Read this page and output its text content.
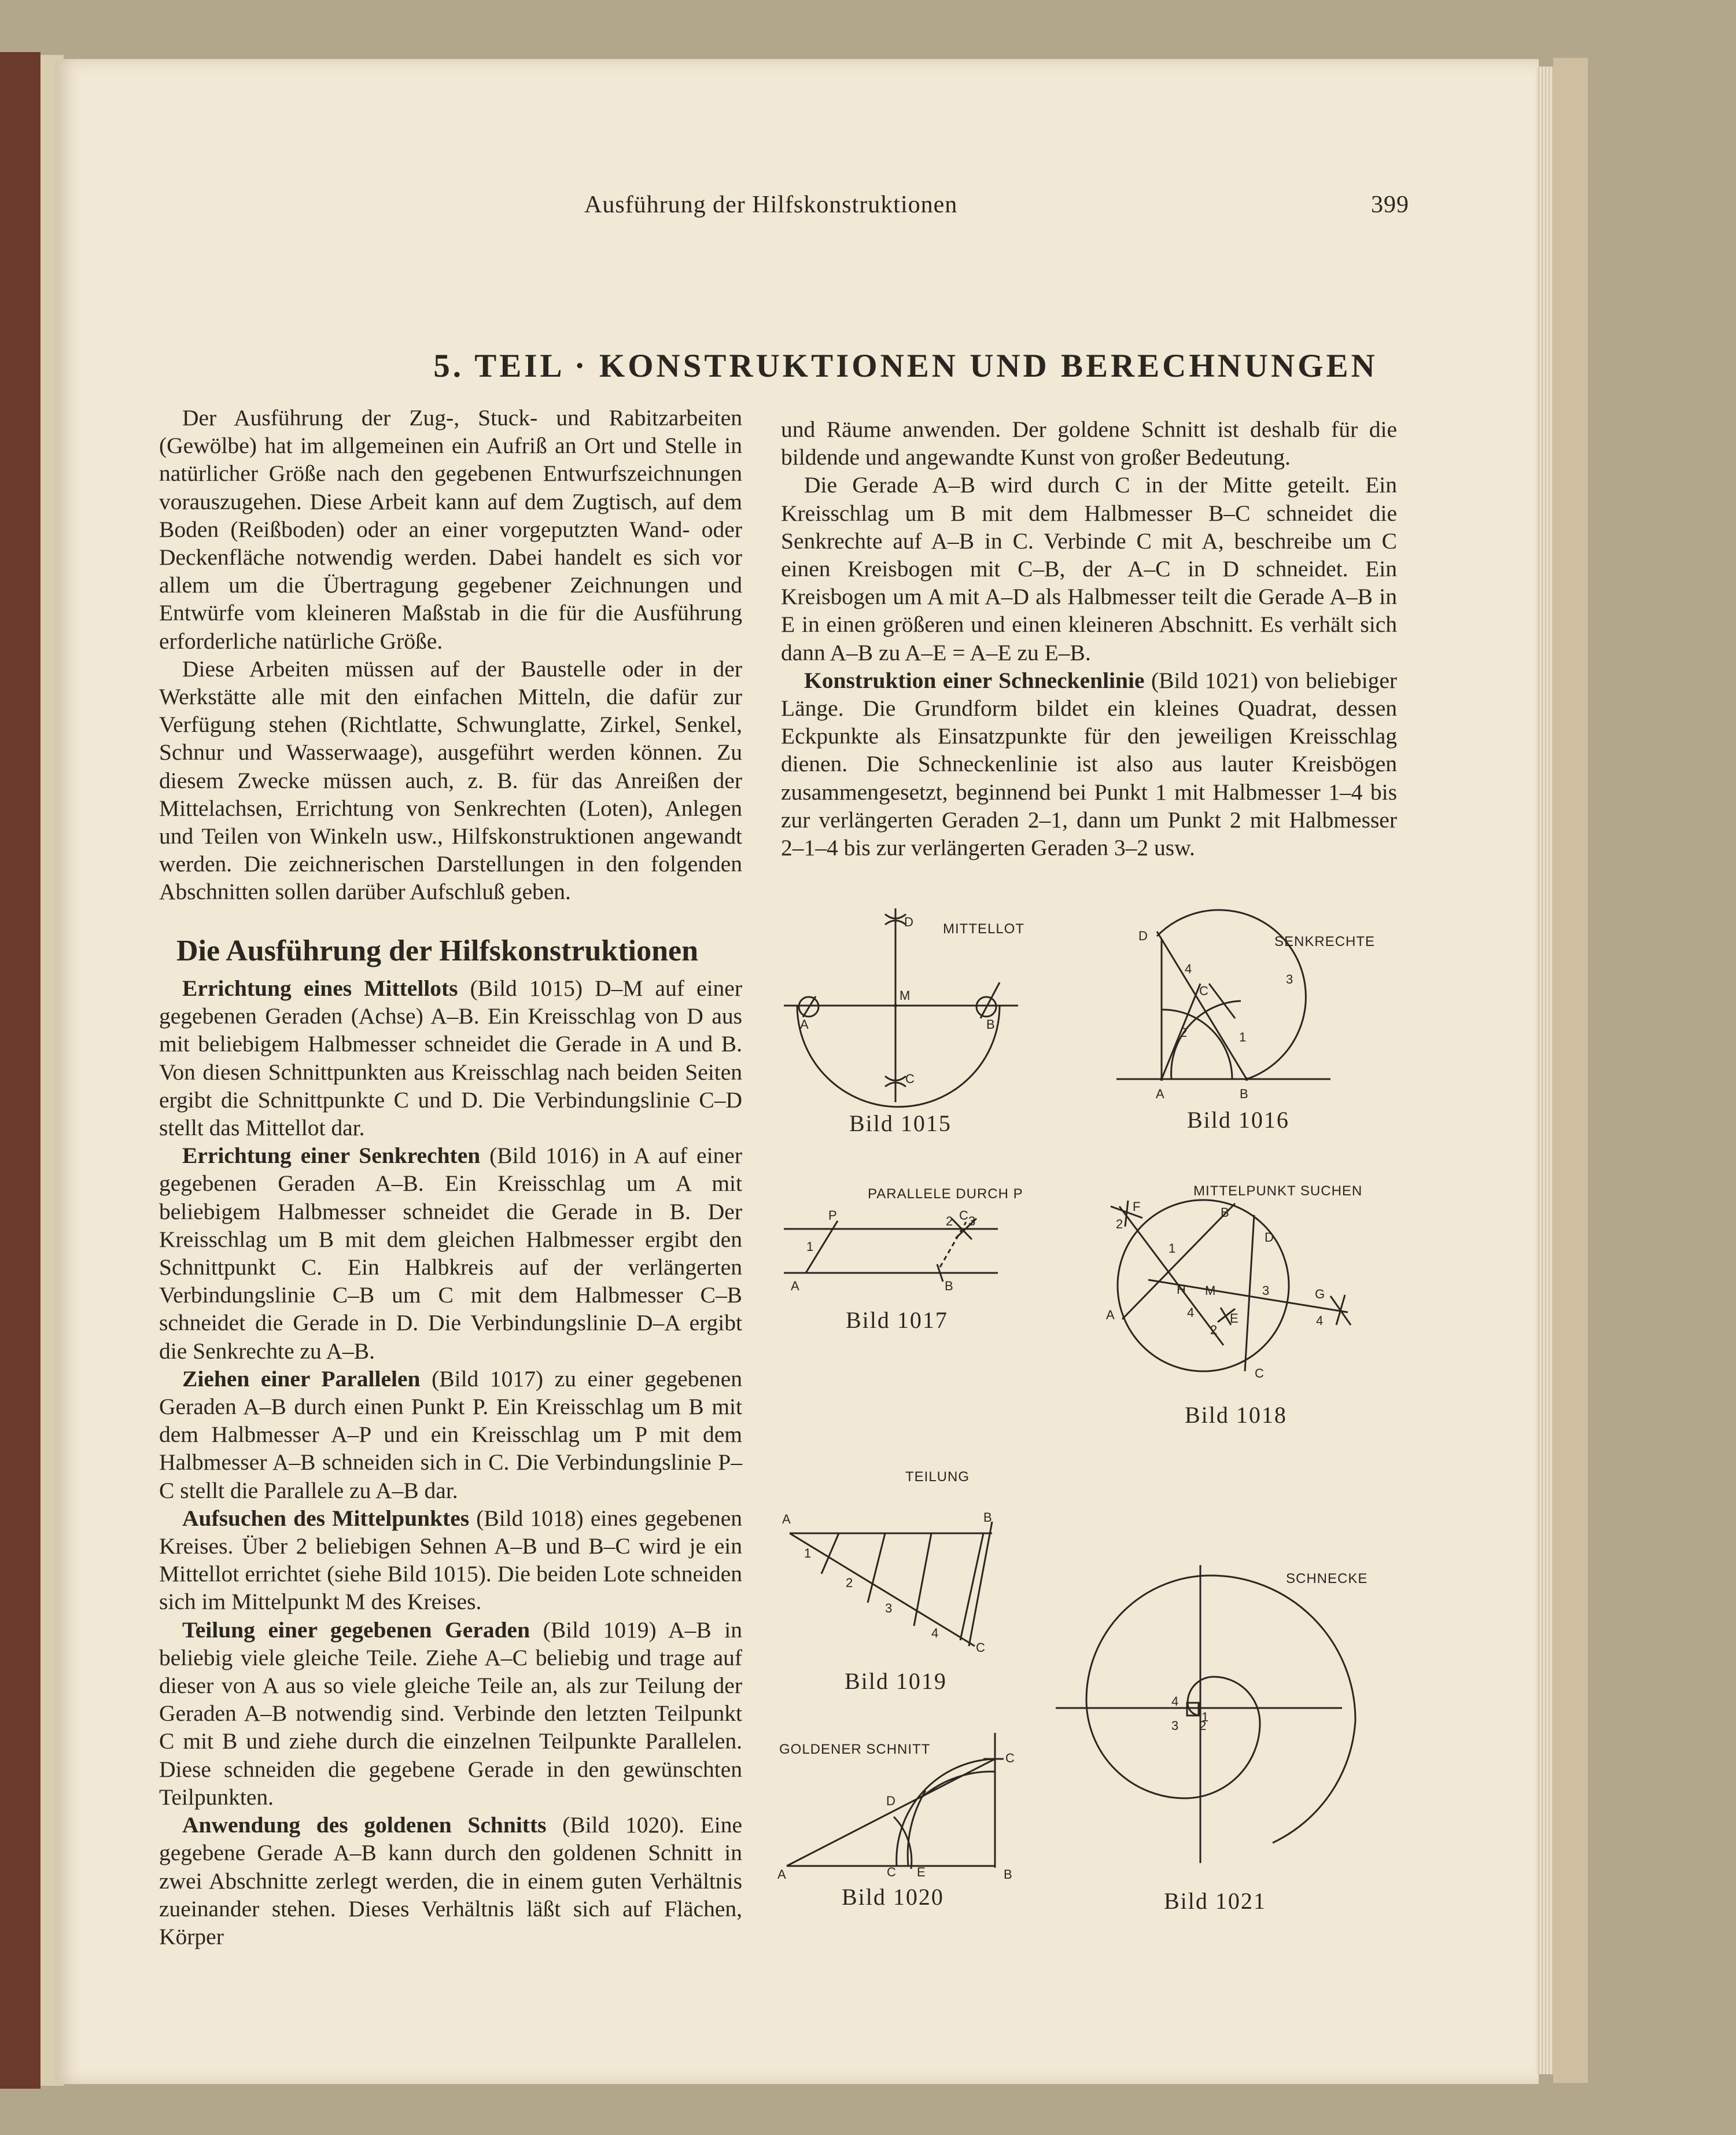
Ausführung der Hilfskonstruktionen	399
5. TEIL · KONSTRUKTIONEN UND BERECHNUNGEN

Der Ausführung der Zug-, Stuck- und Rabitzarbeiten (Gewölbe) hat im allgemeinen ein Aufriß an Ort und Stelle in natürlicher Größe nach den gegebenen Entwurfszeichnungen vorauszugehen. Diese Arbeit kann auf dem Zugtisch, auf dem Boden (Reißboden) oder an einer vorgeputzten Wand- oder Deckenfläche notwendig werden. Dabei handelt es sich vor allem um die Übertragung gegebener Zeichnungen und Entwürfe vom kleineren Maßstab in die für die Ausführung erforderliche natürliche Größe.

Diese Arbeiten müssen auf der Baustelle oder in der Werkstätte alle mit den einfachen Mitteln, die dafür zur Verfügung stehen (Richtlatte, Schwunglatte, Zirkel, Senkel, Schnur und Wasserwaage), ausgeführt werden können. Zu diesem Zwecke müssen auch, z. B. für das Anreißen der Mittelachsen, Errichtung von Senkrechten (Loten), Anlegen und Teilen von Winkeln usw., Hilfskonstruktionen angewandt werden. Die zeichnerischen Darstellungen in den folgenden Abschnitten sollen darüber Aufschluß geben.

Die Ausführung der Hilfskonstruktionen

Errichtung eines Mittellots (Bild 1015) D–M auf einer gegebenen Geraden (Achse) A–B. Ein Kreisschlag von D aus mit beliebigem Halbmesser schneidet die Gerade in A und B. Von diesen Schnittpunkten aus Kreisschlag nach beiden Seiten ergibt die Schnittpunkte C und D. Die Verbindungslinie C–D stellt das Mittellot dar.

Errichtung einer Senkrechten (Bild 1016) in A auf einer gegebenen Geraden A–B. Ein Kreisschlag um A mit beliebigem Halbmesser schneidet die Gerade in B. Der Kreisschlag um B mit dem gleichen Halbmesser ergibt den Schnittpunkt C. Ein Halbkreis auf der verlängerten Verbindungslinie C–B um C mit dem Halbmesser C–B schneidet die Gerade in D. Die Verbindungslinie D–A ergibt die Senkrechte zu A–B.

Ziehen einer Parallelen (Bild 1017) zu einer gegebenen Geraden A–B durch einen Punkt P. Ein Kreisschlag um B mit dem Halbmesser A–P und ein Kreisschlag um P mit dem Halbmesser A–B schneiden sich in C. Die Verbindungslinie P–C stellt die Parallele zu A–B dar.

Aufsuchen des Mittelpunktes (Bild 1018) eines gegebenen Kreises. Über 2 beliebigen Sehnen A–B und B–C wird je ein Mittellot errichtet (siehe Bild 1015). Die beiden Lote schneiden sich im Mittelpunkt M des Kreises.

Teilung einer gegebenen Geraden (Bild 1019) A–B in beliebig viele gleiche Teile. Ziehe A–C beliebig und trage auf dieser von A aus so viele gleiche Teile an, als zur Teilung der Geraden A–B notwendig sind. Verbinde den letzten Teilpunkt C mit B und ziehe durch die einzelnen Teilpunkte Parallelen. Diese schneiden die gegebene Gerade in den gewünschten Teilpunkten.

Anwendung des goldenen Schnitts (Bild 1020). Eine gegebene Gerade A–B kann durch den goldenen Schnitt in zwei Abschnitte zerlegt werden, die in einem guten Verhältnis zueinander stehen. Dieses Verhältnis läßt sich auf Flächen, Körper

und Räume anwenden. Der goldene Schnitt ist deshalb für die bildende und angewandte Kunst von großer Bedeutung.

Die Gerade A–B wird durch C in der Mitte geteilt. Ein Kreisschlag um B mit dem Halbmesser B–C schneidet die Senkrechte auf A–B in C. Verbinde C mit A, beschreibe um C einen Kreisbogen mit C–B, der A–C in D schneidet. Ein Kreisbogen um A mit A–D als Halbmesser teilt die Gerade A–B in E in einen größeren und einen kleineren Abschnitt. Es verhält sich dann A–B zu A–E = A–E zu E–B.

Konstruktion einer Schneckenlinie (Bild 1021) von beliebiger Länge. Die Grundform bildet ein kleines Quadrat, dessen Eckpunkte als Einsatzpunkte für den jeweiligen Kreisschlag dienen. Die Schneckenlinie ist also aus lauter Kreisbögen zusammengesetzt, beginnend bei Punkt 1 mit Halbmesser 1–4 bis zur verlängerten Geraden 2–1, dann um Punkt 2 mit Halbmesser 2–1–4 bis zur verlängerten Geraden 3–2 usw.

MITTELLOT
D
M
A	B
C
SENKRECHTE
D
C
A	B
1
2
3
4
PARALLELE DURCH P
P	C
A	B
1
2 3
MITTELPUNKT SUCHEN
F	B
D
A
C
M
H
E
G
1
2
3
4
2
4
TEILUNG
A	B
C
1
2
3
4
GOLDENER SCHNITT
C
D
A	C E	B
SCHNECKE
1
2
3
4
Bild 1015	Bild 1016
Bild 1017
Bild 1018
Bild 1019
Bild 1020	Bild 1021
